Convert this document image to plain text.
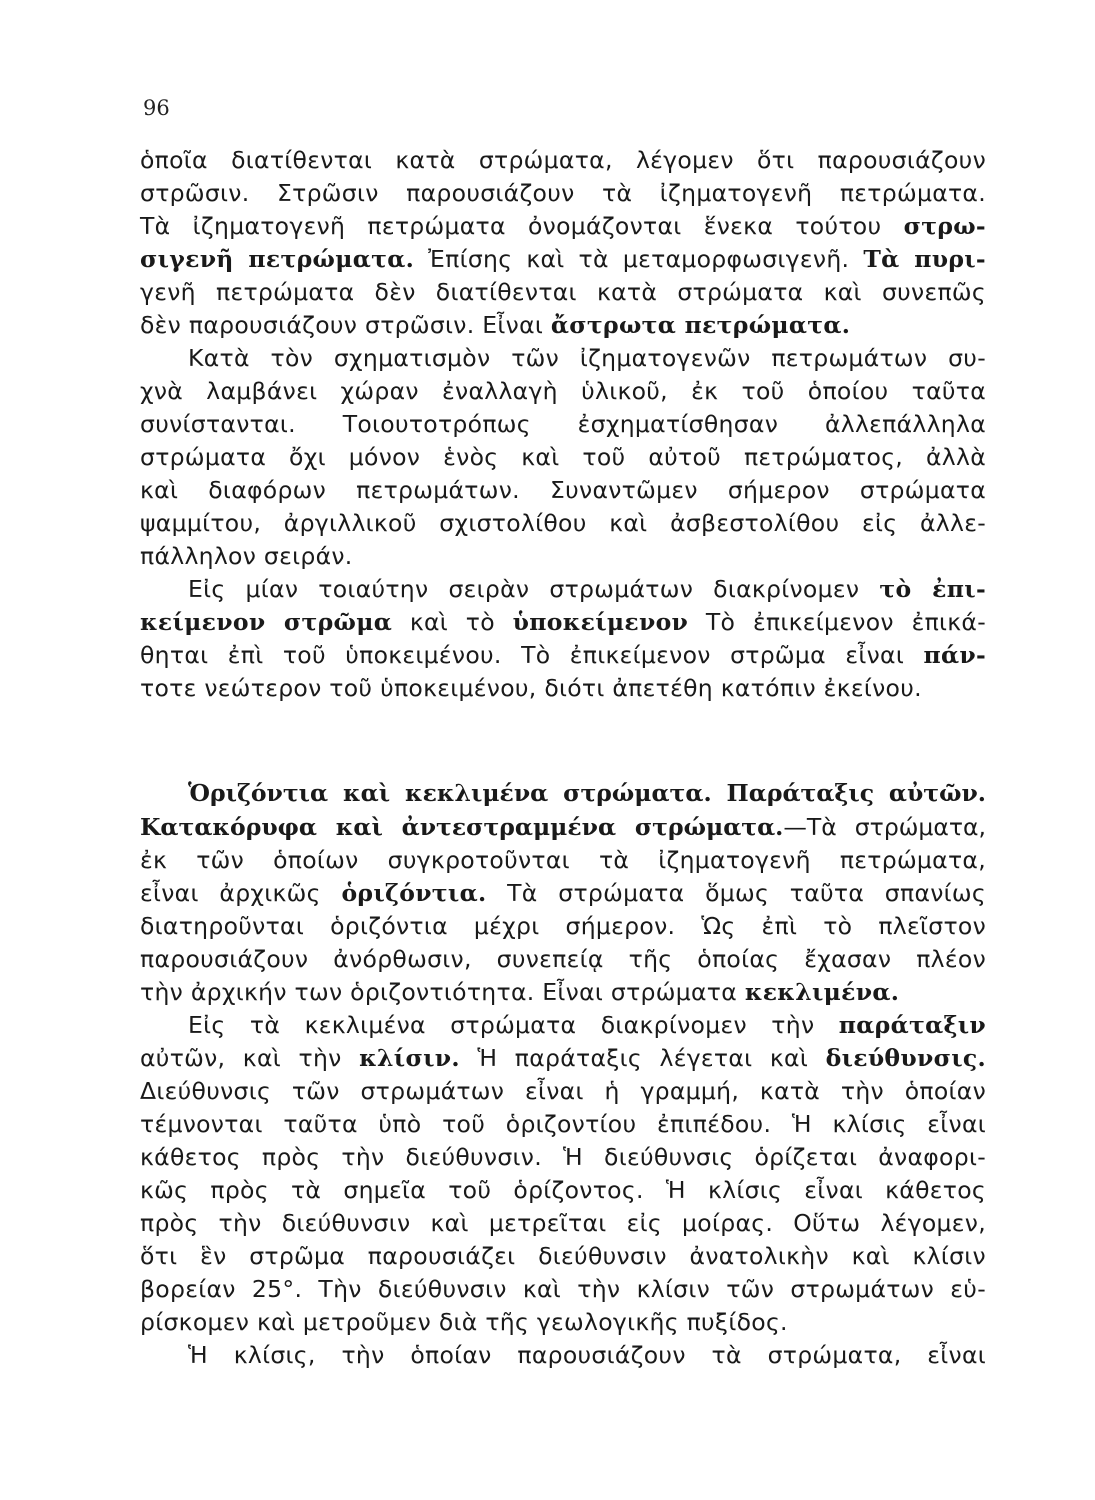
96
ὁποῖα διατίθενται κατὰ στρώματα, λέγομεν ὅτι παρουσιάζουν
στρῶσιν. Στρῶσιν παρουσιάζουν τὰ ἰζηματογενῆ πετρώματα.
Τὰ ἰζηματογενῆ πετρώματα ὀνομάζονται ἕνεκα τούτου στρω-
σιγενῆ πετρώματα. Ἐπίσης καὶ τὰ μεταμορφωσιγενῆ. Τὰ πυρι-
γενῆ πετρώματα δὲν διατίθενται κατὰ στρώματα καὶ συνεπῶς
δὲν παρουσιάζουν στρῶσιν. Εἶναι ἄστρωτα πετρώματα.
Κατὰ τὸν σχηματισμὸν τῶν ἰζηματογενῶν πετρωμάτων συ-
χνὰ λαμβάνει χώραν ἐναλλαγὴ ὑλικοῦ, ἐκ τοῦ ὁποίου ταῦτα
συνίστανται. Τοιουτοτρόπως ἐσχηματίσθησαν ἀλλεπάλληλα
στρώματα ὄχι μόνον ἑνὸς καὶ τοῦ αὐτοῦ πετρώματος, ἀλλὰ
καὶ διαφόρων πετρωμάτων. Συναντῶμεν σήμερον στρώματα
ψαμμίτου, ἀργιλλικοῦ σχιστολίθου καὶ ἀσβεστολίθου εἰς ἀλλε-
πάλληλον σειράν.
Εἰς μίαν τοιαύτην σειρὰν στρωμάτων διακρίνομεν τὸ ἐπι-
κείμενον στρῶμα καὶ τὸ ὑποκείμενον Τὸ ἐπικείμενον ἐπικά-
θηται ἐπὶ τοῦ ὑποκειμένου. Τὸ ἐπικείμενον στρῶμα εἶναι πάν-
τοτε νεώτερον τοῦ ὑποκειμένου, διότι ἀπετέθη κατόπιν ἐκείνου.
Ὁριζόντια καὶ κεκλιμένα στρώματα. Παράταξις αὐτῶν.
Κατακόρυφα καὶ ἀντεστραμμένα στρώματα.—Τὰ στρώματα,
ἐκ τῶν ὁποίων συγκροτοῦνται τὰ ἰζηματογενῆ πετρώματα,
εἶναι ἀρχικῶς ὁριζόντια. Τὰ στρώματα ὅμως ταῦτα σπανίως
διατηροῦνται ὁριζόντια μέχρι σήμερον. Ὡς ἐπὶ τὸ πλεῖστον
παρουσιάζουν ἀνόρθωσιν, συνεπείᾳ τῆς ὁποίας ἔχασαν πλέον
τὴν ἀρχικήν των ὁριζοντιότητα. Εἶναι στρώματα κεκλιμένα.
Εἰς τὰ κεκλιμένα στρώματα διακρίνομεν τὴν παράταξιν
αὐτῶν, καὶ τὴν κλίσιν. Ἡ παράταξις λέγεται καὶ διεύθυνσις.
Διεύθυνσις τῶν στρωμάτων εἶναι ἡ γραμμή, κατὰ τὴν ὁποίαν
τέμνονται ταῦτα ὑπὸ τοῦ ὁριζοντίου ἐπιπέδου. Ἡ κλίσις εἶναι
κάθετος πρὸς τὴν διεύθυνσιν. Ἡ διεύθυνσις ὁρίζεται ἀναφορι-
κῶς πρὸς τὰ σημεῖα τοῦ ὁρίζοντος. Ἡ κλίσις εἶναι κάθετος
πρὸς τὴν διεύθυνσιν καὶ μετρεῖται εἰς μοίρας. Οὕτω λέγομεν,
ὅτι ἓν στρῶμα παρουσιάζει διεύθυνσιν ἀνατολικὴν καὶ κλίσιν
βορείαν 25°. Τὴν διεύθυνσιν καὶ τὴν κλίσιν τῶν στρωμάτων εὑ-
ρίσκομεν καὶ μετροῦμεν διὰ τῆς γεωλογικῆς πυξίδος.
Ἡ κλίσις, τὴν ὁποίαν παρουσιάζουν τὰ στρώματα, εἶναι
